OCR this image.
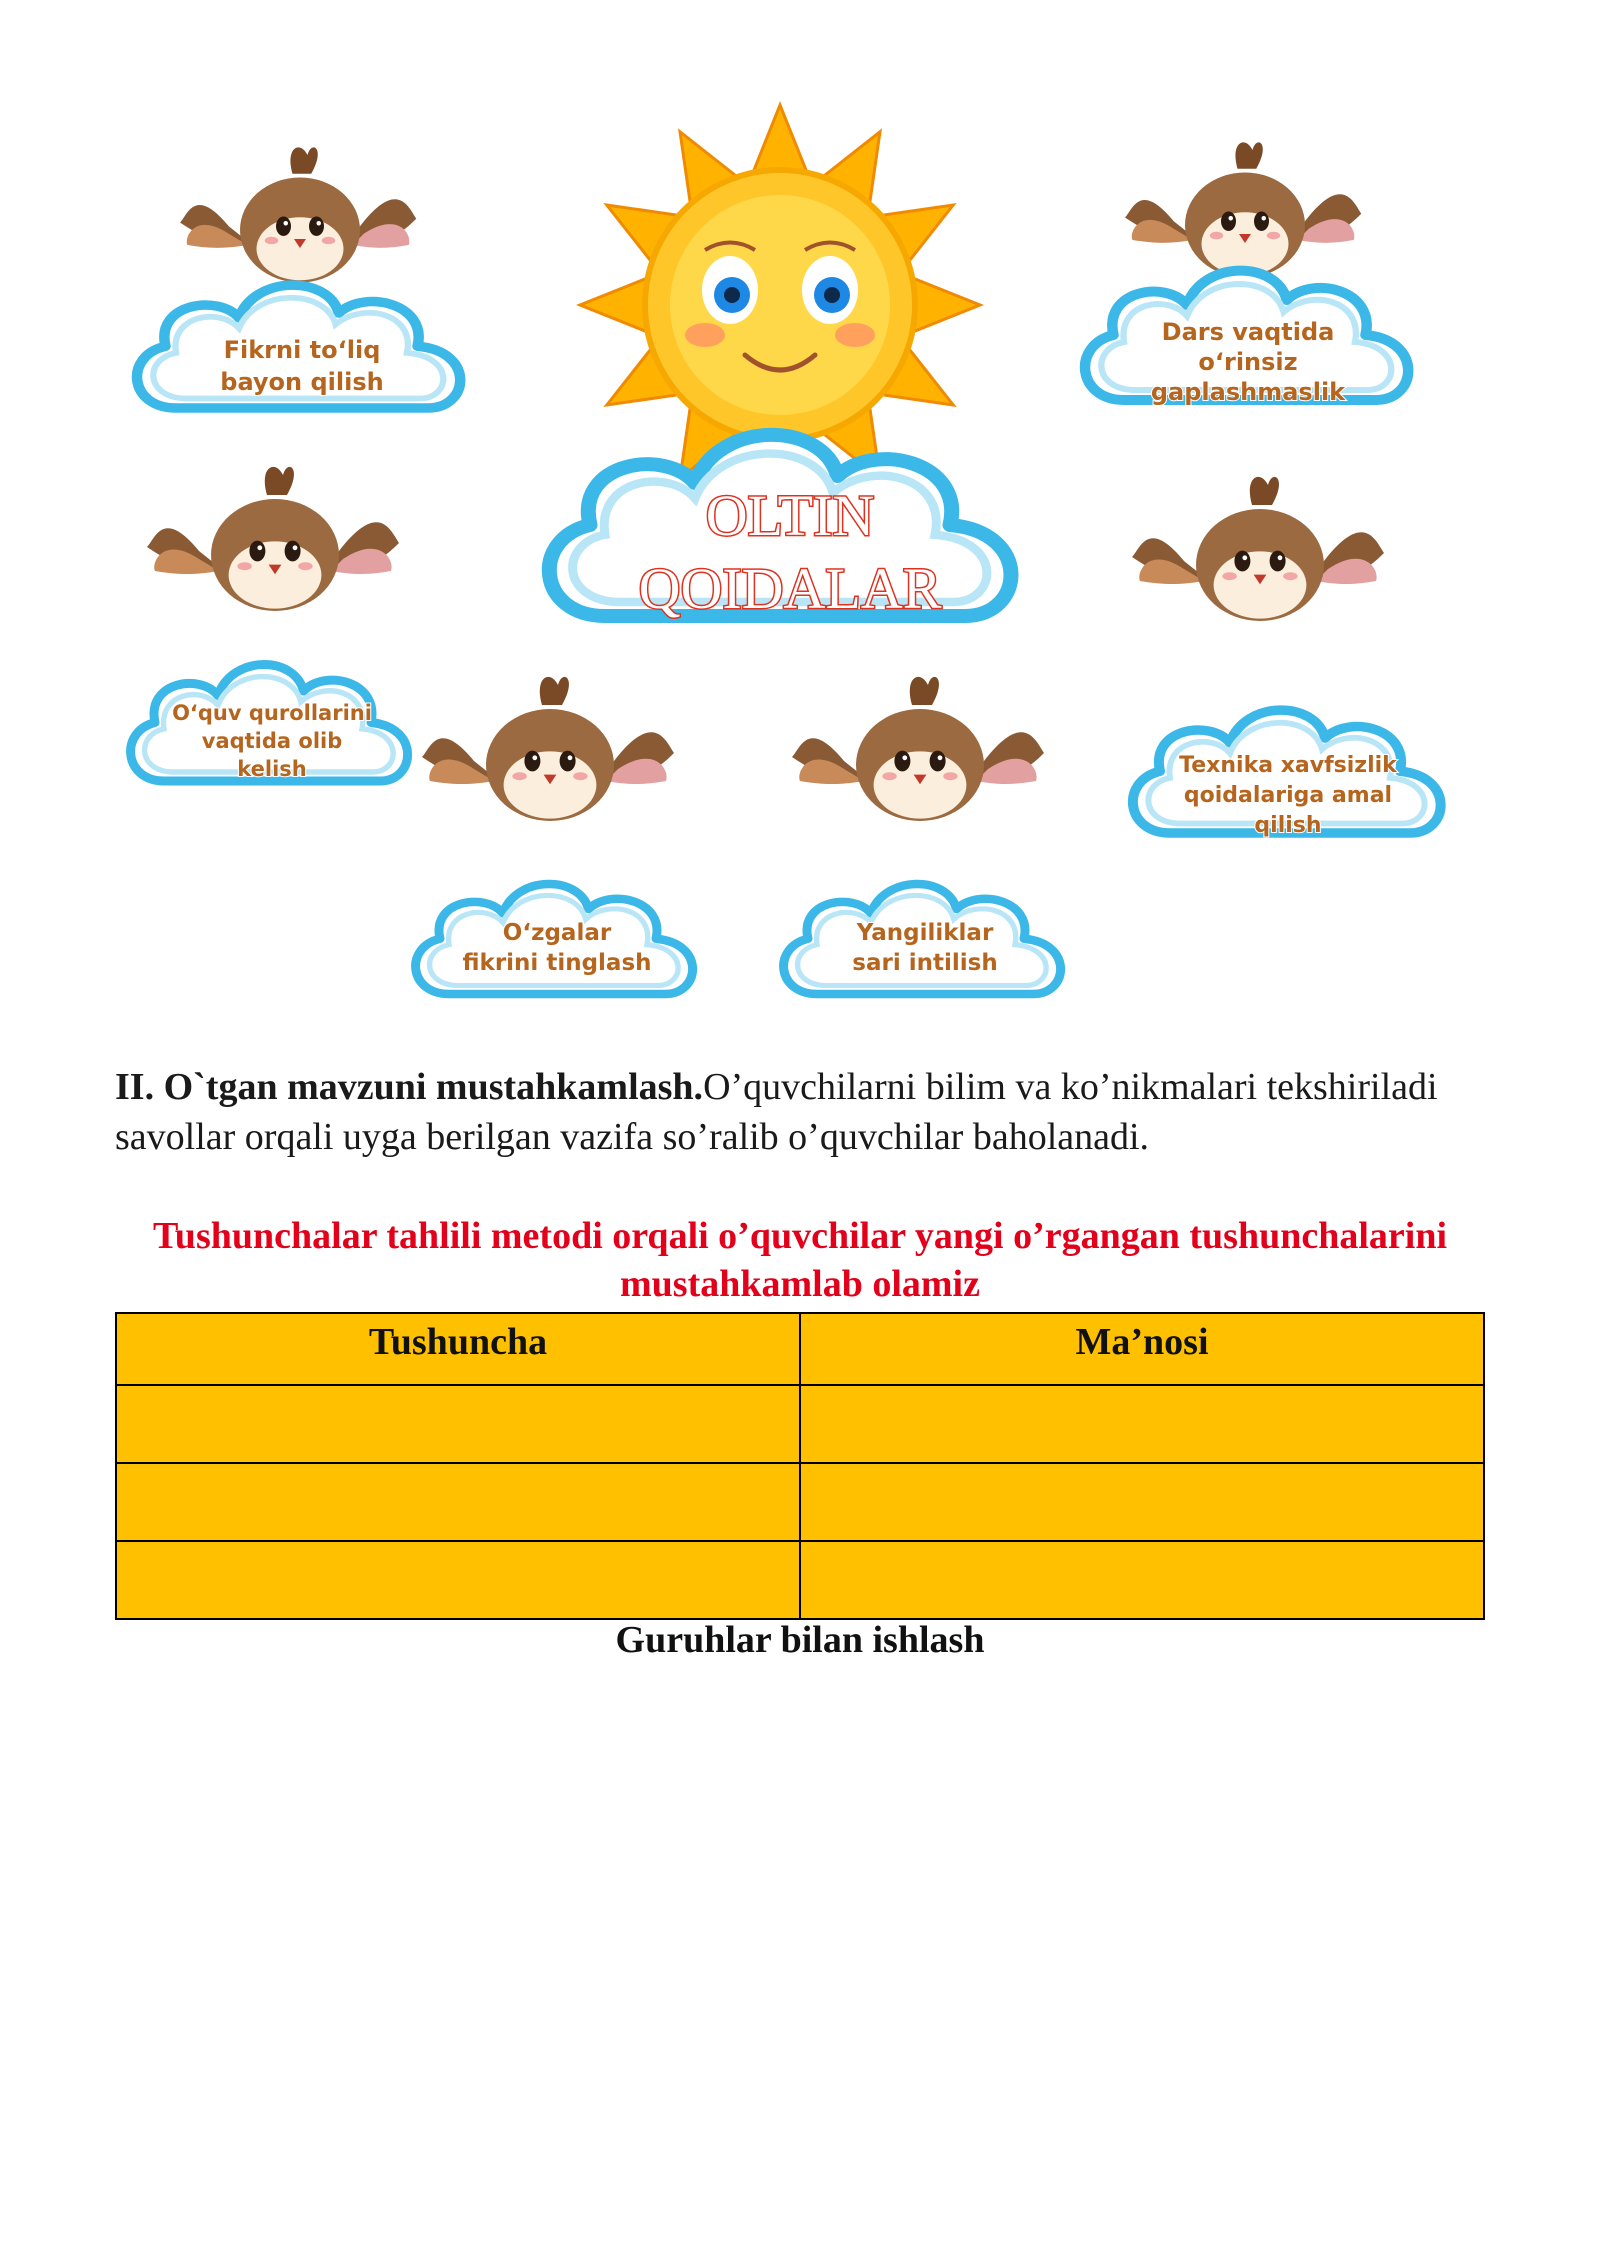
OLTIN
QOIDALAR
Fikrni to‘liq
bayon qilish
Dars vaqtida
o‘rinsiz
gaplashmaslik
O‘quv qurollarini
vaqtida olib
kelish	Texnika xavfsizlik
qoidalariga amal
qilish
O‘zgalar
fikrini tinglash
Yangiliklar
sari intilish
II. O`tgan mavzuni mustahkamlash.O’quvchilarni bilim va ko’nikmalari tekshiriladi savollar orqali uyga berilgan vazifa so’ralib o’quvchilar baholanadi.
Tushunchalar tahlili metodi orqali o’quvchilar yangi o’rgangan tushunchalarini mustahkamlab olamiz
Tushuncha	Ma’nosi

Guruhlar bilan ishlash
